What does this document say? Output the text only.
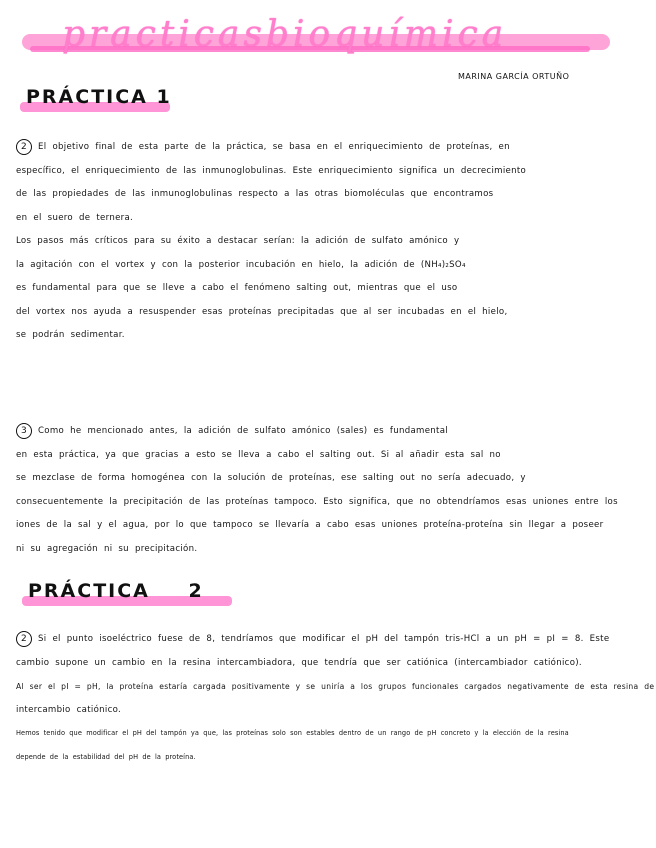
practicasbioquímica
MARINA GARCÍA ORTUÑO
PRÁCTICA 1

2 El objetivo final de esta parte de la práctica, se basa en el enriquecimiento de proteínas, en

específico, el enriquecimiento de las inmunoglobulinas. Este enriquecimiento significa un decrecimiento

de las propiedades de las inmunoglobulinas respecto a las otras biomoléculas que encontramos

en el suero de ternera.

Los pasos más críticos para su éxito a destacar serían: la adición de sulfato amónico y

la agitación con el vortex y con la posterior incubación en hielo, la adición de (NH₄)₂SO₄

es fundamental para que se lleve a cabo el fenómeno salting out, mientras que el uso

del vortex nos ayuda a resuspender esas proteínas precipitadas que al ser incubadas en el hielo,

se podrán sedimentar.

3 Como he mencionado antes, la adición de sulfato amónico (sales) es fundamental

en esta práctica, ya que gracias a esto se lleva a cabo el salting out. Si al añadir esta sal no

se mezclase de forma homogénea con la solución de proteínas, ese salting out no sería adecuado, y

consecuentemente la precipitación de las proteínas tampoco. Esto significa, que no obtendríamos esas uniones entre los

iones de la sal y el agua, por lo que tampoco se llevaría a cabo esas uniones proteína-proteína sin llegar a poseer

ni su agregación ni su precipitación.

PRÁCTICA 2

2 Si el punto isoeléctrico fuese de 8, tendríamos que modificar el pH del tampón tris-HCl a un pH = pI = 8. Este

cambio supone un cambio en la resina intercambiadora, que tendría que ser catiónica (intercambiador catiónico).

Al ser el pI = pH, la proteína estaría cargada positivamente y se uniría a los grupos funcionales cargados negativamente de esta resina de

intercambio catiónico.

Hemos tenido que modificar el pH del tampón ya que, las proteínas solo son estables dentro de un rango de pH concreto y la elección de la resina

depende de la estabilidad del pH de la proteína.
